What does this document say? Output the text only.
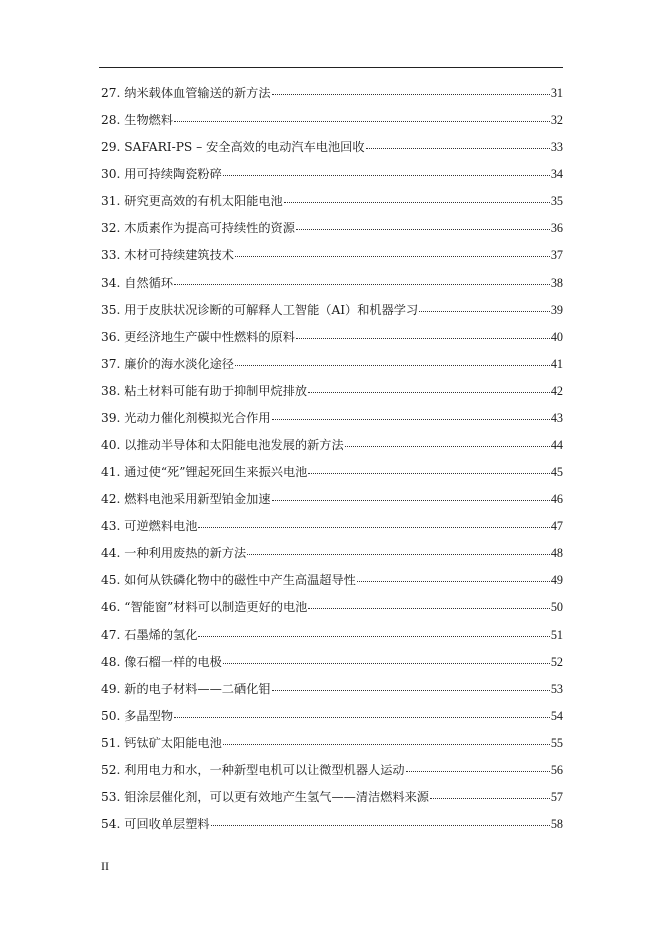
27. 纳米载体血管输送的新方法	31
28. 生物燃料	32
29. SAFARI-PS – 安全高效的电动汽车电池回收	33
30. 用可持续陶瓷粉碎	34
31. 研究更高效的有机太阳能电池	35
32. 木质素作为提高可持续性的资源	36
33. 木材可持续建筑技术	37
34. 自然循环	38
35. 用于皮肤状况诊断的可解释人工智能（AI）和机器学习	39
36. 更经济地生产碳中性燃料的原料	40
37. 廉价的海水淡化途径	41
38. 粘土材料可能有助于抑制甲烷排放	42
39. 光动力催化剂模拟光合作用	43
40. 以推动半导体和太阳能电池发展的新方法	44
41. 通过使“死”锂起死回生来振兴电池	45
42. 燃料电池采用新型铂金加速	46
43. 可逆燃料电池	47
44. 一种利用废热的新方法	48
45. 如何从铁磷化物中的磁性中产生高温超导性	49
46. “智能窗”材料可以制造更好的电池	50
47. 石墨烯的氢化	51
48. 像石榴一样的电极	52
49. 新的电子材料——二硒化钼	53
50. 多晶型物	54
51. 钙钛矿太阳能电池	55
52. 利用电力和水，一种新型电机可以让微型机器人运动	56
53. 钼涂层催化剂，可以更有效地产生氢气——清洁燃料来源	57
54. 可回收单层塑料	58
II
